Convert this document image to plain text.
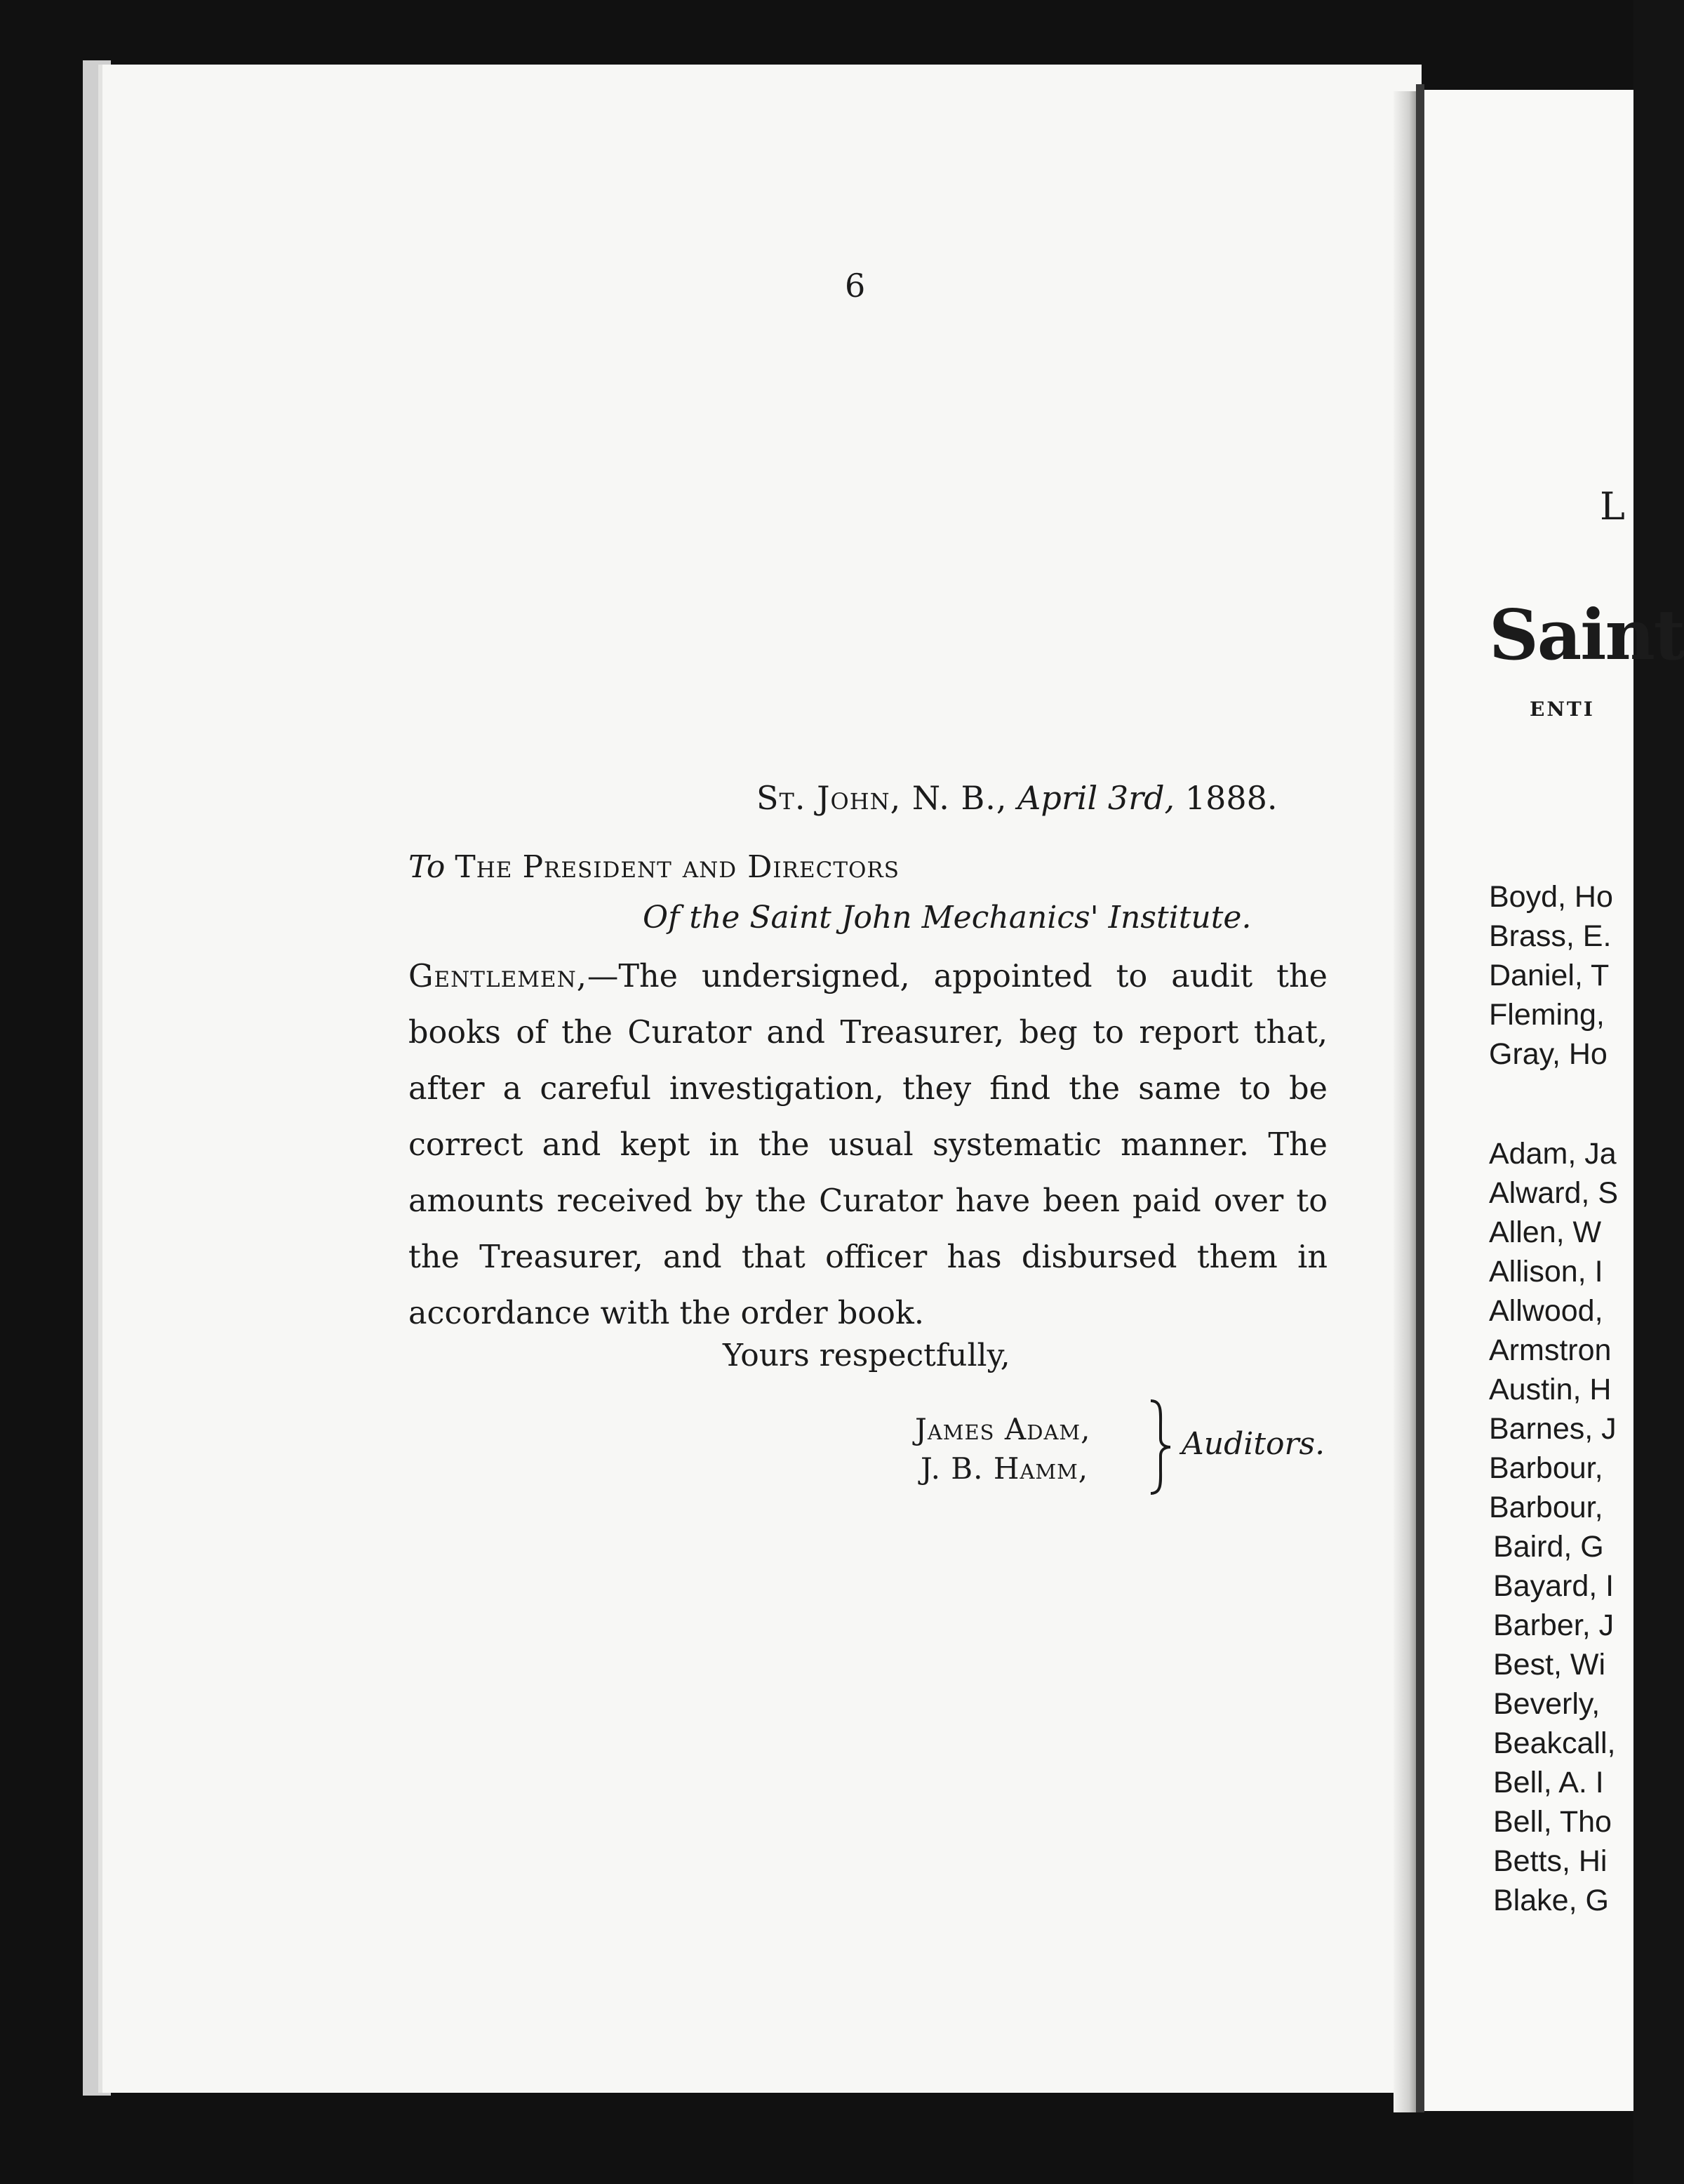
6
St. John, N. B., April 3rd, 1888.
To The President and Directors
Of the Saint John Mechanics' Institute.
Gentlemen,—The undersigned, appointed to audit the books of the Curator and Treasurer, beg to report that, after a careful investigation, they find the same to be correct and kept in the usual systematic manner. The amounts received by the Curator have been paid over to the Treasurer, and that officer has disbursed them in accordance with the order book.
Yours respectfully,
James Adam,
J. B. Hamm,
Auditors.
L
Saint
ENTI
Boyd, Ho
Brass, E.
Daniel, T
Fleming,
Gray, Ho
Adam, Ja
Alward, S
Allen, W
Allison, I
Allwood,
Armstron
Austin, H
Barnes, J
Barbour,
Barbour,
Baird, G
Bayard, I
Barber, J
Best, Wi
Beverly,
Beakcall,
Bell, A. I
Bell, Tho
Betts, Hi
Blake, G
